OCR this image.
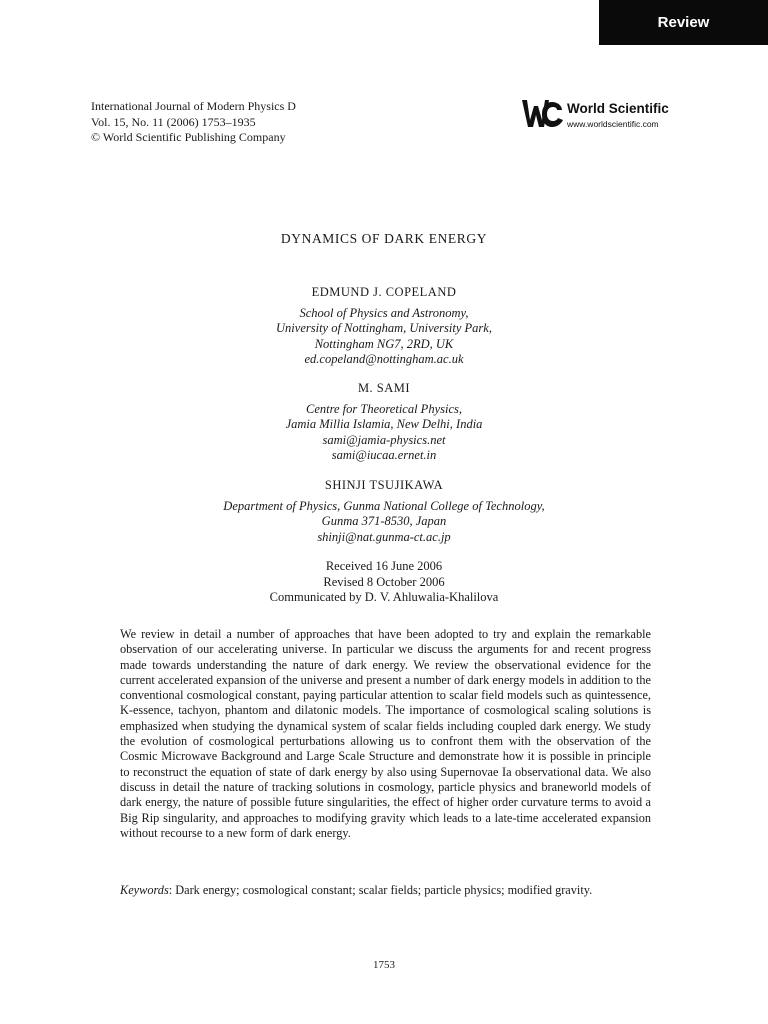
Review
International Journal of Modern Physics D
Vol. 15, No. 11 (2006) 1753–1935
© World Scientific Publishing Company
World Scientific
www.worldscientific.com
DYNAMICS OF DARK ENERGY
EDMUND J. COPELAND
School of Physics and Astronomy,
University of Nottingham, University Park,
Nottingham NG7, 2RD, UK
ed.copeland@nottingham.ac.uk
M. SAMI
Centre for Theoretical Physics,
Jamia Millia Islamia, New Delhi, India
sami@jamia-physics.net
sami@iucaa.ernet.in
SHINJI TSUJIKAWA
Department of Physics, Gunma National College of Technology,
Gunma 371-8530, Japan
shinji@nat.gunma-ct.ac.jp
Received 16 June 2006
Revised 8 October 2006
Communicated by D. V. Ahluwalia-Khalilova
We review in detail a number of approaches that have been adopted to try and explain the remarkable observation of our accelerating universe. In particular we discuss the arguments for and recent progress made towards understanding the nature of dark energy. We review the observational evidence for the current accelerated expansion of the universe and present a number of dark energy models in addition to the conventional cosmological constant, paying particular attention to scalar field models such as quintessence, K-essence, tachyon, phantom and dilatonic models. The importance of cosmological scaling solutions is emphasized when studying the dynamical system of scalar fields including coupled dark energy. We study the evolution of cosmological perturbations allowing us to confront them with the observation of the Cosmic Microwave Background and Large Scale Structure and demonstrate how it is possible in principle to reconstruct the equation of state of dark energy by also using Supernovae Ia observational data. We also discuss in detail the nature of tracking solutions in cosmology, particle physics and braneworld models of dark energy, the nature of possible future singularities, the effect of higher order curvature terms to avoid a Big Rip singularity, and approaches to modifying gravity which leads to a late-time accelerated expansion without recourse to a new form of dark energy.
Keywords: Dark energy; cosmological constant; scalar fields; particle physics; modified gravity.
1753
